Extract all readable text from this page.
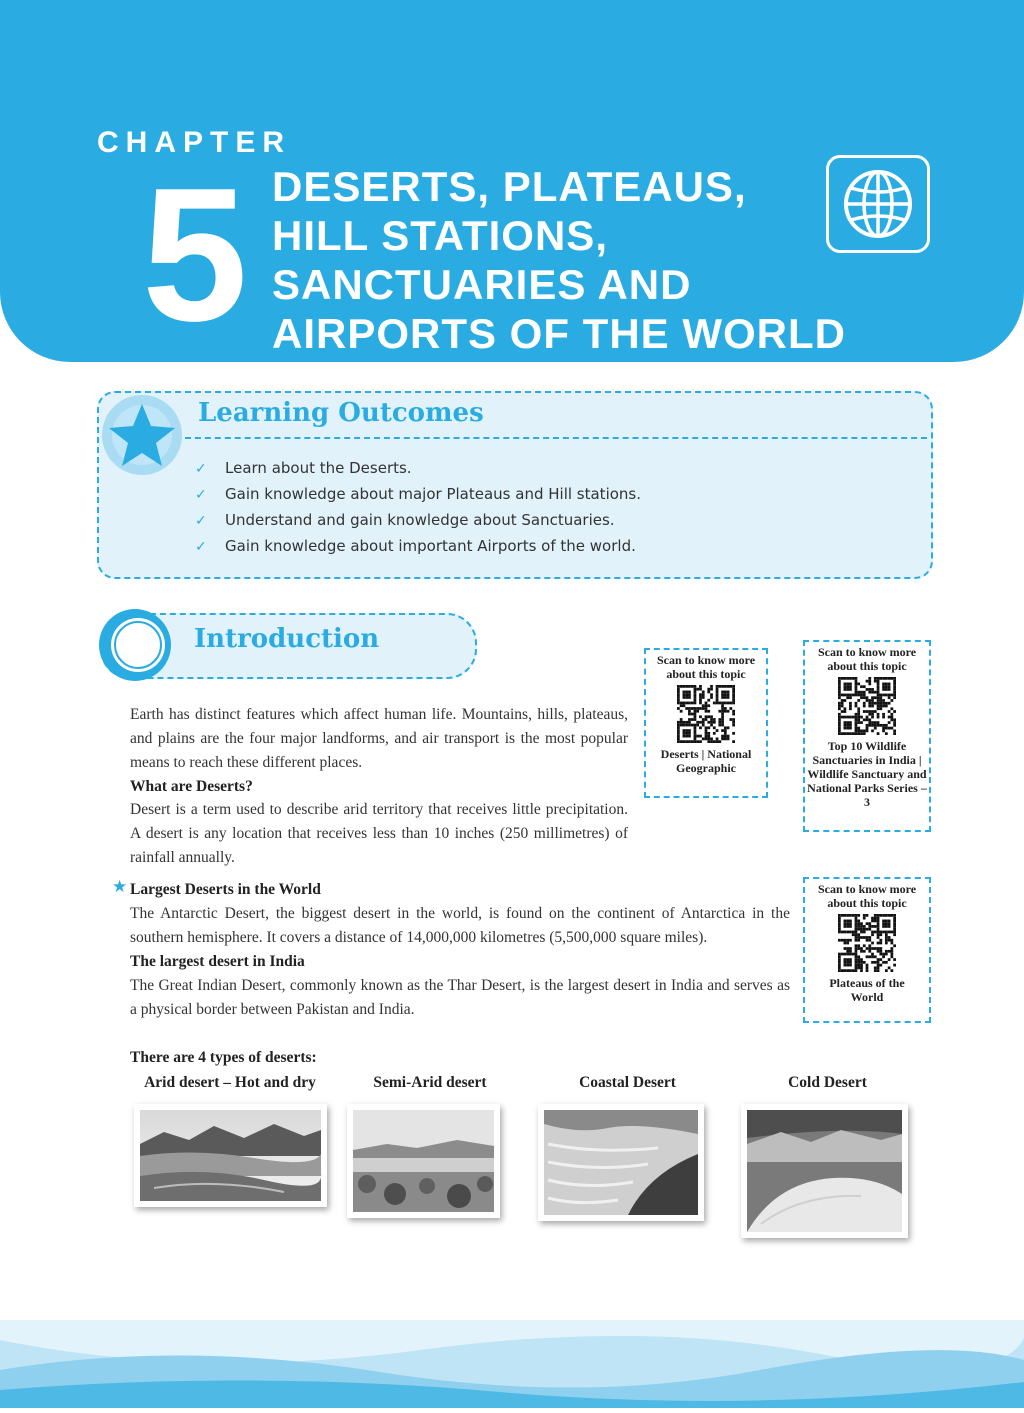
CHAPTER
5 DESERTS, PLATEAUS,
HILL STATIONS,
SANCTUARIES AND
AIRPORTS OF THE WORLD
Learning Outcomes
✓ Learn about the Deserts.
✓ Gain knowledge about major Plateaus and Hill stations.
✓ Understand and gain knowledge about Sanctuaries.
✓ Gain knowledge about important Airports of the world.
Introduction
Earth has distinct features which affect human life. Mountains, hills, plateaus, and plains are the four major landforms, and air transport is the most popular means to reach these different places.
What are Deserts?
Desert is a term used to describe arid territory that receives little precipitation. A desert is any location that receives less than 10 inches (250 millimetres) of rainfall annually.
★ Largest Deserts in the World
The Antarctic Desert, the biggest desert in the world, is found on the continent of Antarctica in the southern hemisphere. It covers a distance of 14,000,000 kilometres (5,500,000 square miles).
The largest desert in India
The Great Indian Desert, commonly known as the Thar Desert, is the largest desert in India and serves as a physical border between Pakistan and India.
Scan to know more about this topic
Deserts | National Geographic
Scan to know more about this topic
Top 10 Wildlife Sanctuaries in India | Wildlife Sanctuary and National Parks Series – 3
Scan to know more about this topic
Plateaus of the World
There are 4 types of deserts:
Arid desert – Hot and dry	Semi-Arid desert	Coastal Desert	Cold Desert
